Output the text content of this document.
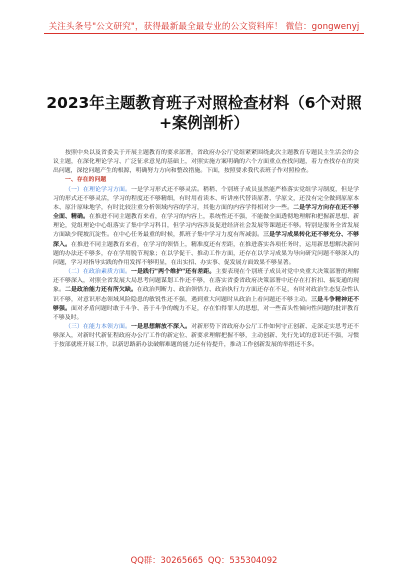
关注头条号"公文研究"，获得最新最全最专业的公文资料库！ 微信：gongwenyj
2023年主题教育班子对照检查材料（6个对照+案例剖析）

按照中央以及省委关于开展主题教育的要求部署，省政府办公厅党组紧紧围绕此次主题教育专题民主生活会的会议主题，在深化理论学习、广泛征求意见的基础上，对照实施方案明确的六个方面重点查找问题，着力查找存在的突出问题，深挖问题产生的根源，明确努力方向和整改措施。下面，按照要求我代表班子作对照检查。

一、存在的问题

（一）在理论学习方面。一是学习形式还不够灵活。稍稍、个别班子成员虽然能严格落实党组学习制度，但是学习的形式还不够灵活，学习的程度还不够精细，有时用看读本、听讲座代替读原著、学原文，还没有完全做到原原本本、原汁原味地学，有时比较注重分析领域内容的学习，其他方面的内容学得相对少一些。二是学习方向存在还不够全面、精确。在推进不同主题教育来看，在学习的内容上，系统性还不强，不能做全面透彻地理解和把握新思想、新理论，党组理论中心组落实了集中学习科目，但学习内容涉及促进经济社会发展等课题还不够。特别是服务全省发展方面缺少爬坡沉淀性。在中心任务最重的时候，抓班子集中学习力度有所减弱。三是学习成果转化还不够充分、不够深入。在推进不同主题教育来看，在学习的领悟上，精准度还有差距，在推进落实各项任务时，运用新思想解决新问题的办法还不够多，存在学用脱节现象；在以学促干、推动工作方面，还存在以学习成果为导向研究问题不够深入的问题，学习对指导实践的作用发挥不够明显，在出实招、办实事、促发展方面效果不够显著。

（二）在政治素质方面。一是践行"两个维护"还有差距。主要表现在个别班子成员对党中央重大决策部署的理解还不够深入，对照全省发展大局思考问题谋划工作还不够，在落实省委省政府决策部署中还存在打折扣、搞变通的现象。二是政治能力还有所欠缺。在政治判断力、政治领悟力、政治执行力方面还存在不足，有时对政治生态复杂性认识不够，对意识形态领域风险隐患的敏锐性还不强，遇到重大问题时从政治上看问题还不够主动。三是斗争精神还不够强。面对矛盾问题时敢于斗争、善于斗争的魄力不足，存在怕得罪人的思想，对一些苗头性倾向性问题的批评教育不够及时。

（三）在能力本领方面。一是思想解放不深入。对新形势下省政府办公厅工作如何守正创新、走深走实思考还不够深入，对新时代新征程政府办公厅工作的新定位、新要求理解把握不够，主动创新、先行先试的意识还不强，习惯于按部就班开展工作，以新思路新办法破解难题的能力还有待提升，推动工作创新发展的举措还不多。

QQ群：30265665 QQ：535304092
